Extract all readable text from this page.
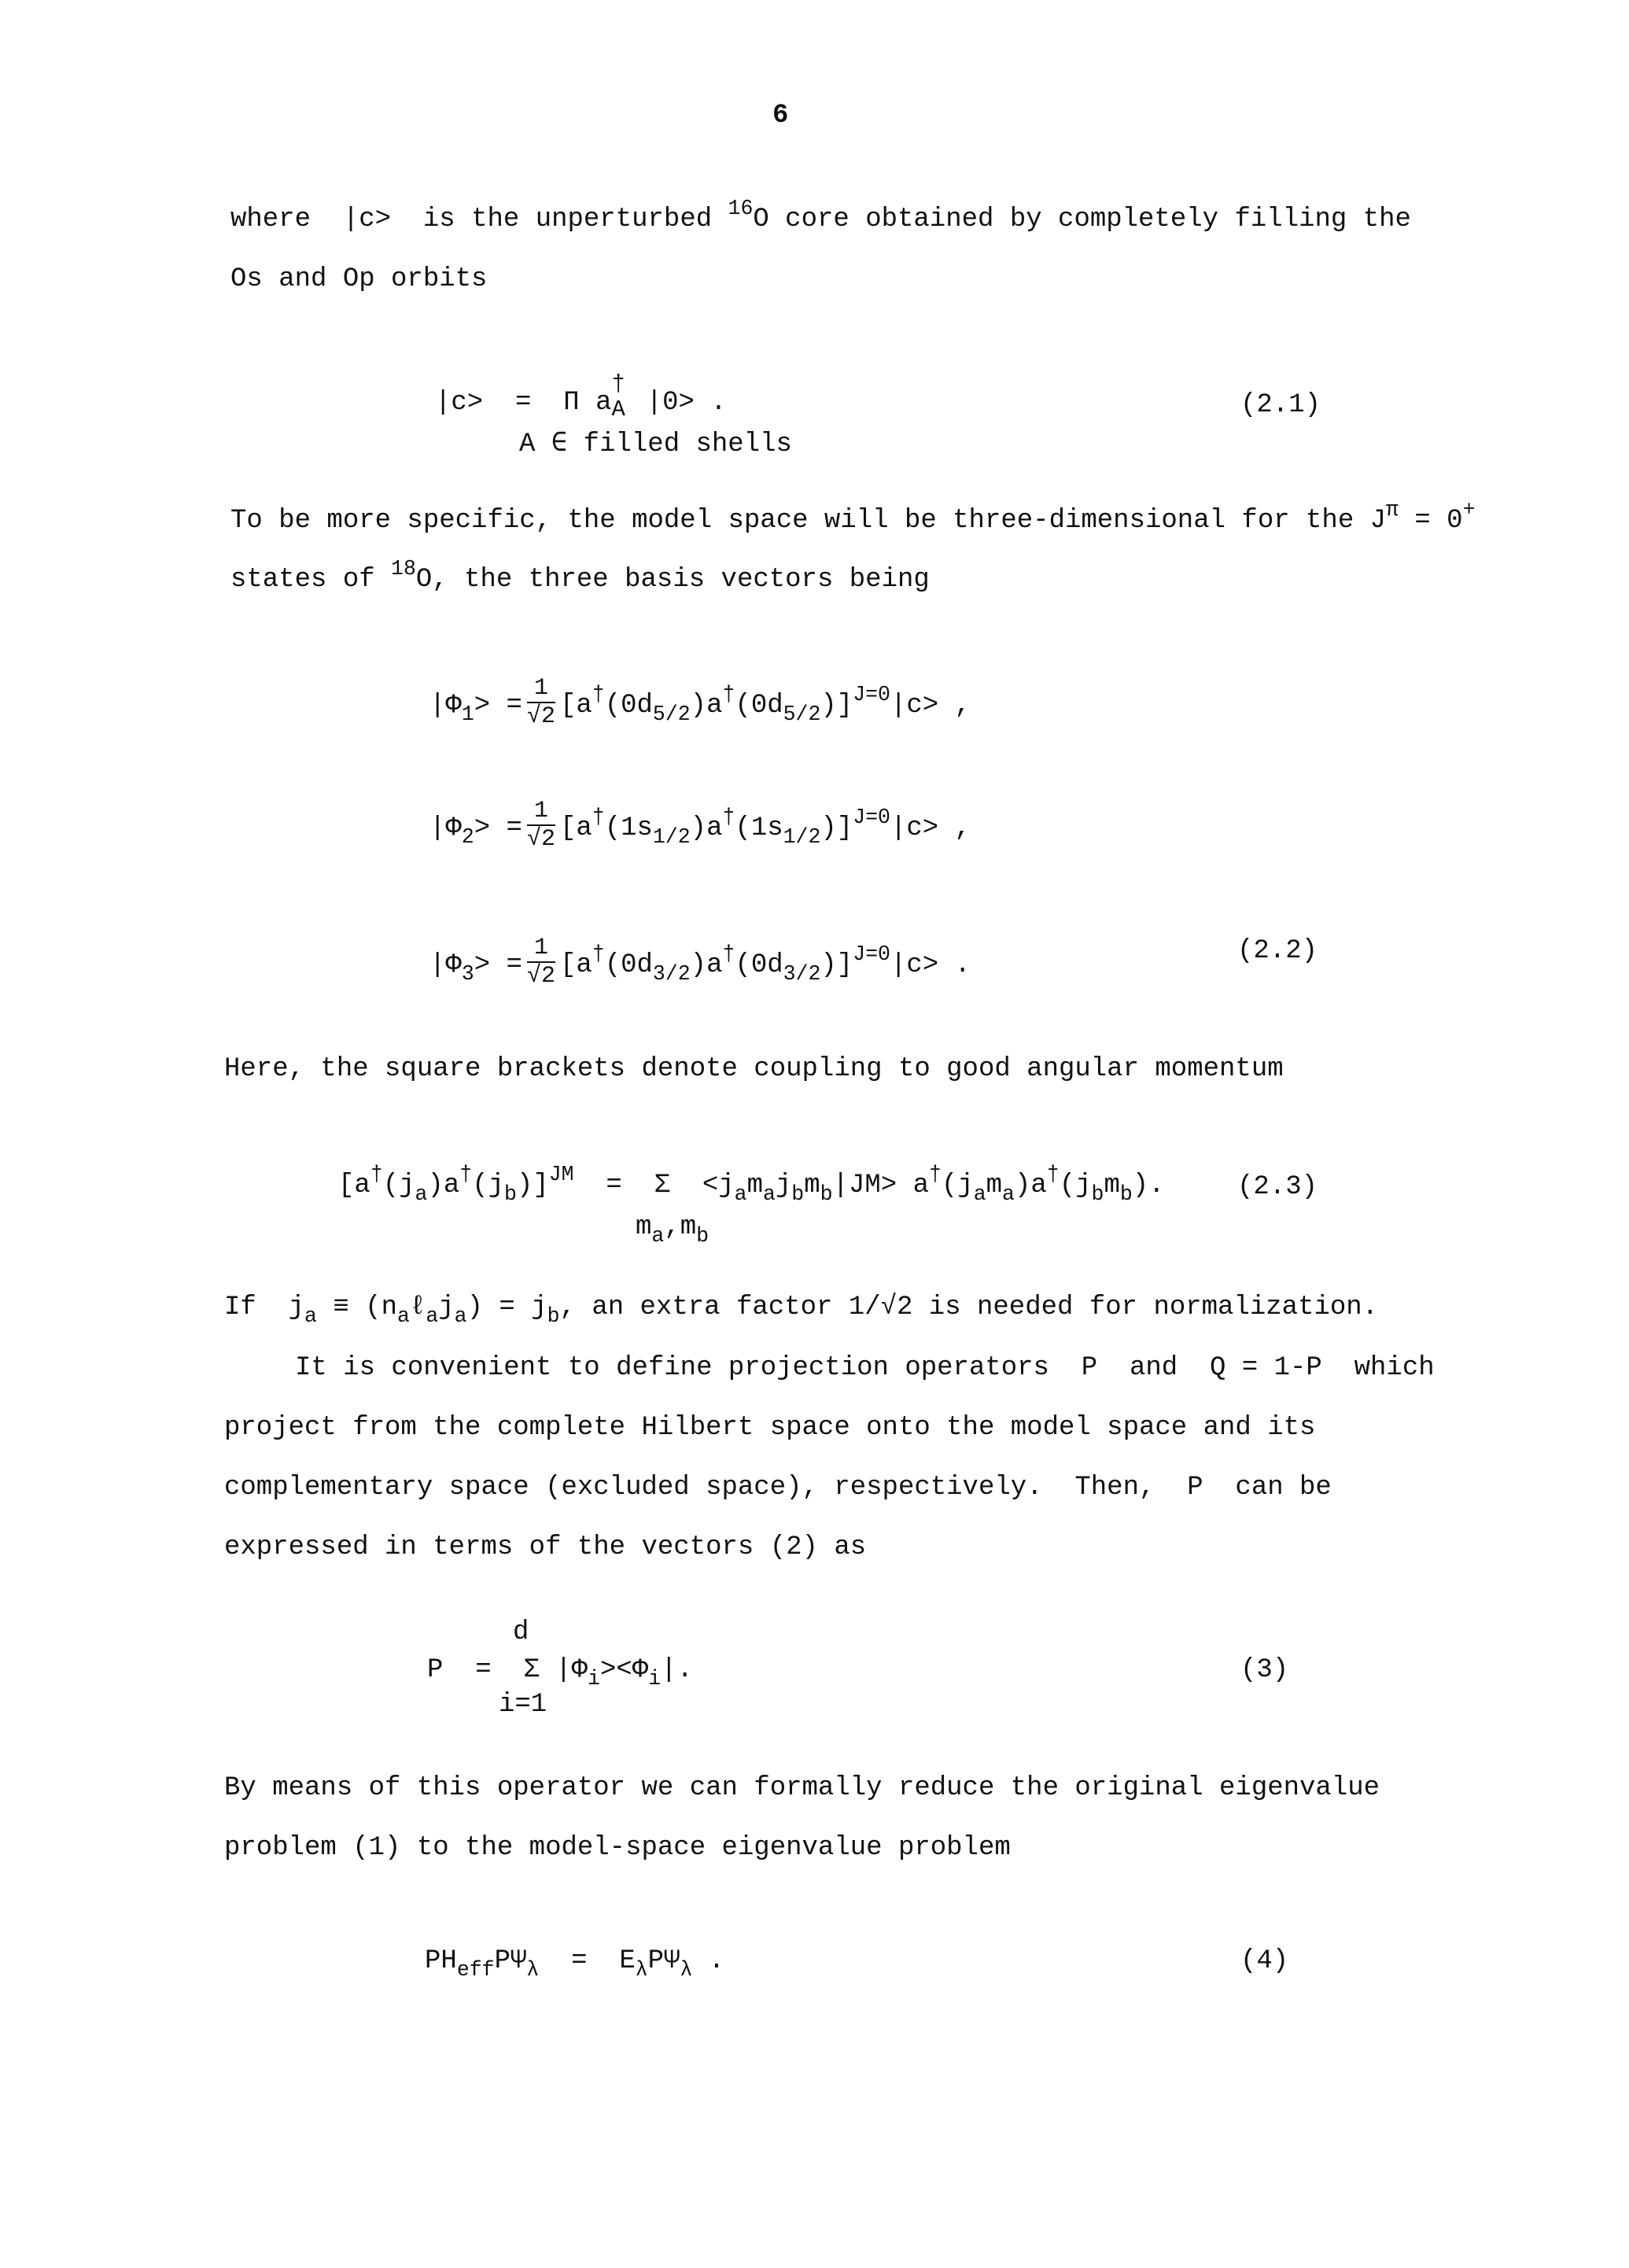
6
where |c> is the unperturbed $^{16}$O core obtained by completely filling the
Os and Op orbits
|c> = Π a
†
A |0> .
A ∈ filled shells
(2.1)
To be more specific, the model space will be three-dimensional for the $J^\pi = 0^+$
states of $^{18}$O, the three basis vectors being
$|\Phi_1> = \frac{1}{√2} [a^\dagger(0d_{5/2})a^\dagger(0d_{5/2})]^{J=0}|c>$ ,
$|\Phi_2> = \frac{1}{√2} [a^\dagger(1s_{1/2})a^\dagger(1s_{1/2})]^{J=0}|c>$ ,
$|\Phi_3> = \frac{1}{√2} [a^\dagger(0d_{3/2})a^\dagger(0d_{3/2})]^{J=0}|c>$ .	(2.2)
Here, the square brackets denote coupling to good angular momentum
$[a^\dagger(j_a)a^\dagger(j_b)]^{JM} = \Sigma <j_am_aj_bm_b|JM> a^\dagger(j_am_a)a^\dagger(j_bm_b)$.
$m_a,m_b$
(2.3)
If $j_a$ ≡ $(n_a\ell_aj_a) = j_b$, an extra factor 1/√2 is needed for normalization.
It is convenient to define projection operators  P  and  Q = 1-P  which
project from the complete Hilbert space onto the model space and its
complementary space (excluded space), respectively.  Then,  P  can be
expressed in terms of the vectors (2) as
d
P = Σ $|\Phi_i><\Phi_i|$.
i=1
(3)
By means of this operator we can formally reduce the original eigenvalue
problem (1) to the model-space eigenvalue problem
$PH_{eff}P\Psi_\lambda = E_\lambda P\Psi_\lambda$ .	(4)
